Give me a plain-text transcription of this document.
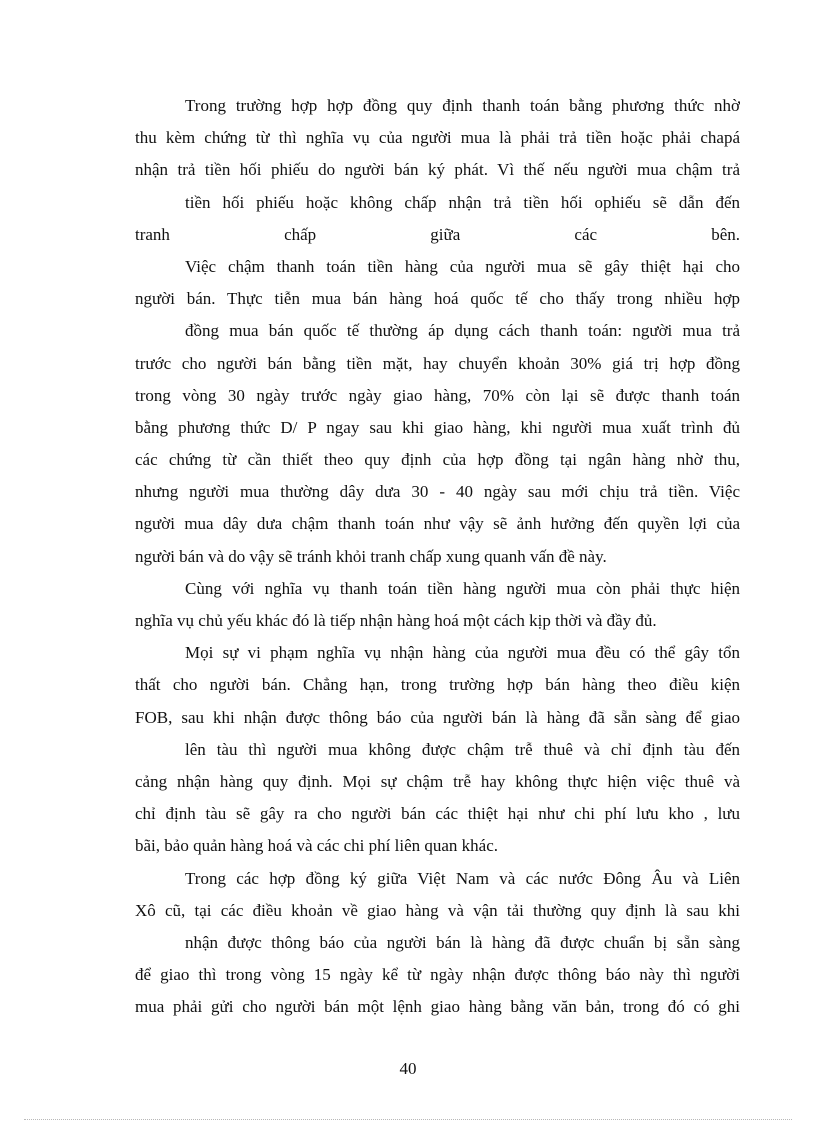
Trong trường hợp hợp đồng quy định thanh toán bằng phương thức nhờ
thu kèm chứng từ thì nghĩa vụ của người mua là phải trả tiền hoặc phải chapá
nhận trả tiền hối phiếu do người bán ký phát. Vì thế nếu người mua chậm trả
tiền hối phiếu hoặc không chấp nhận trả tiền hối ophiếu sẽ dẫn đến
tranh chấp giữa các bên.
Việc chậm thanh toán tiền hàng của người mua sẽ gây thiệt hại cho
người bán. Thực tiễn mua bán hàng hoá quốc tế cho thấy trong nhiều hợp
đồng mua bán quốc tế thường áp dụng cách thanh toán: người mua trả
trước cho người bán bằng tiền mặt, hay chuyển khoản 30% giá trị hợp đồng
trong vòng 30 ngày trước ngày giao hàng, 70% còn lại sẽ được thanh toán
bằng phương thức D/ P ngay sau khi giao hàng, khi người mua xuất trình đủ
các chứng từ cần thiết theo quy định của hợp đồng tại ngân hàng nhờ thu,
nhưng người mua thường dây dưa 30 - 40 ngày sau mới chịu trả tiền. Việc
người mua dây dưa chậm thanh toán như vậy sẽ ảnh hưởng đến quyền lợi của
người bán và do vậy sẽ tránh khỏi tranh chấp xung quanh vấn đề này.
Cùng với nghĩa vụ thanh toán tiền hàng người mua còn phải thực hiện
nghĩa vụ chủ yếu khác đó là tiếp nhận hàng hoá một cách kịp thời và đầy đủ.
Mọi sự vi phạm nghĩa vụ nhận hàng của người mua đều có thể gây tổn
thất cho người bán. Chẳng hạn, trong trường hợp bán hàng theo điều kiện
FOB, sau khi nhận được thông báo của người bán là hàng đã sẵn sàng để giao
lên tàu thì người mua không được chậm trễ thuê và chỉ định tàu đến
cảng nhận hàng quy định. Mọi sự chậm trễ hay không thực hiện việc thuê và
chỉ định tàu sẽ gây ra cho người bán các thiệt hại như chi phí lưu kho , lưu
bãi, bảo quản hàng hoá và các chi phí liên quan khác.
Trong các hợp đồng ký giữa Việt Nam và các nước Đông Âu và Liên
Xô cũ, tại các điều khoản về giao hàng và vận tải thường quy định là sau khi
nhận được thông báo của người bán là hàng đã được chuẩn bị sẵn sàng
để giao thì trong vòng 15 ngày kể từ ngày nhận được thông báo này thì người
mua phải gửi cho người bán một lệnh giao hàng bằng văn bản, trong đó có ghi
40
